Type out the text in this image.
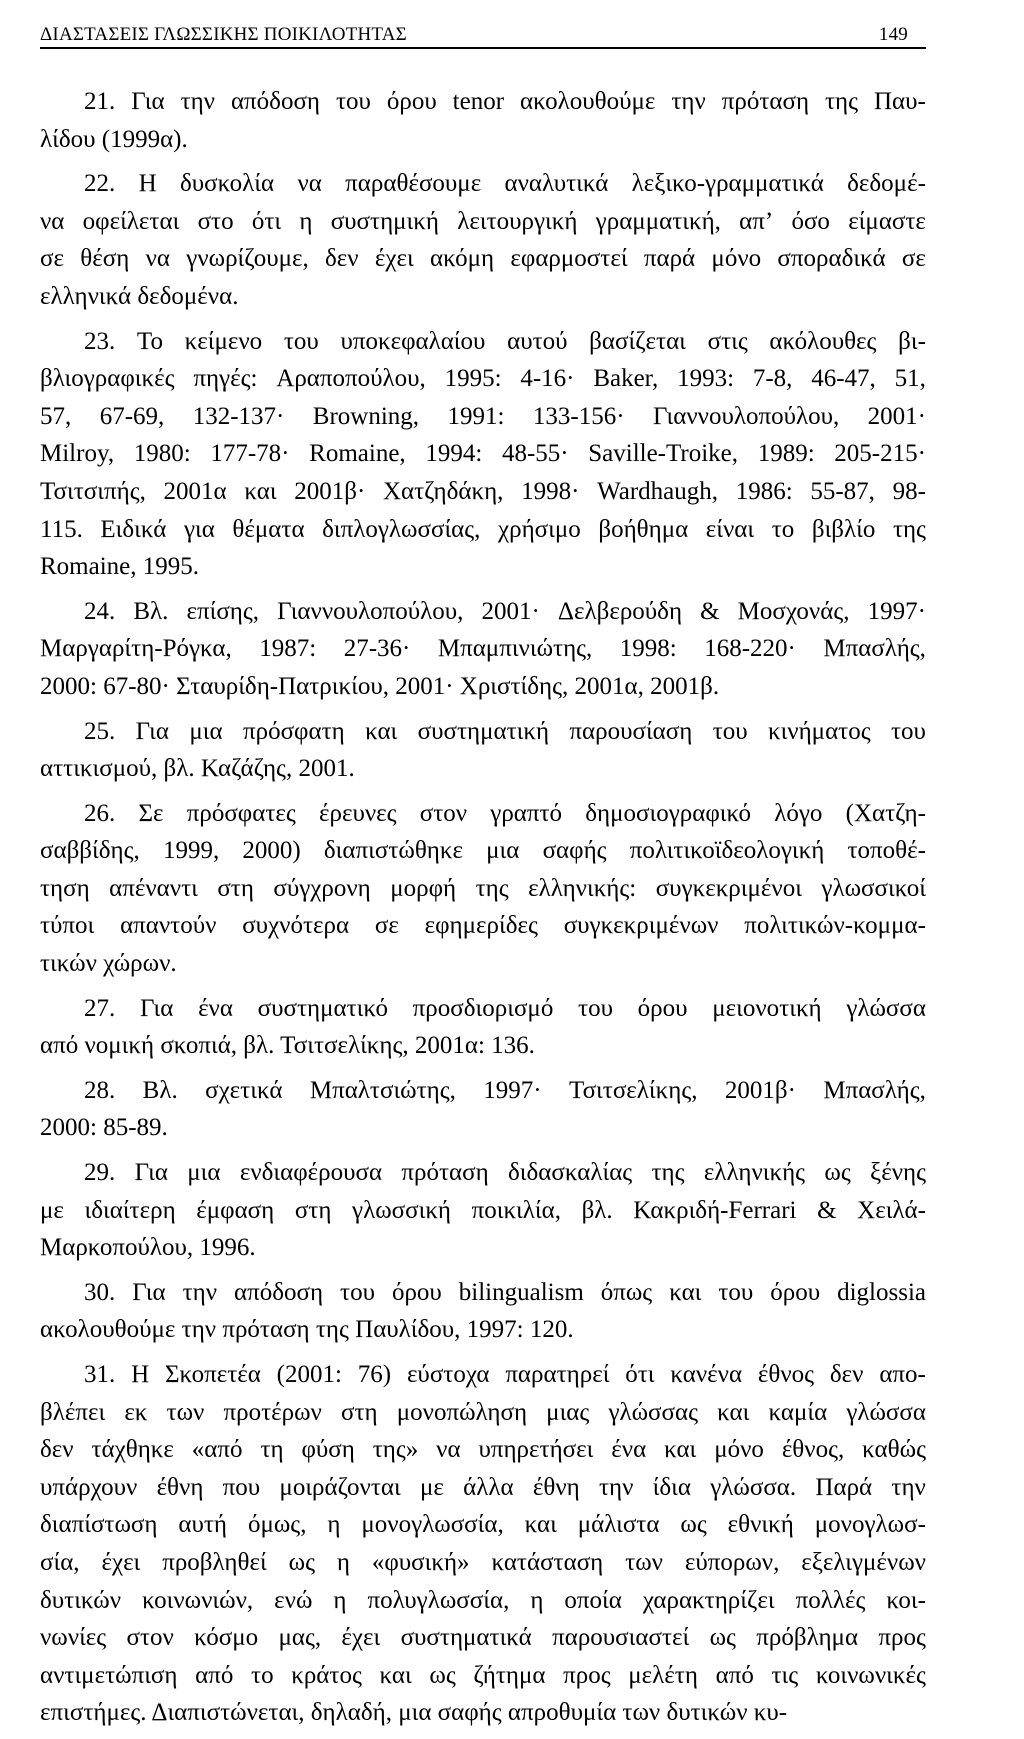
ΔΙΑΣΤΑΣΕΙΣ ΓΛΩΣΣΙΚΗΣ ΠΟΙΚΙΛΟΤΗΤΑΣ	149
21. Για την απόδοση του όρου tenor ακολουθούμε την πρόταση της Παυ-
λίδου (1999α).
22. Η δυσκολία να παραθέσουμε αναλυτικά λεξικο-γραμματικά δεδομέ-
να οφείλεται στο ότι η συστημική λειτουργική γραμματική, απ’ όσο είμαστε
σε θέση να γνωρίζουμε, δεν έχει ακόμη εφαρμοστεί παρά μόνο σποραδικά σε
ελληνικά δεδομένα.
23. Το κείμενο του υποκεφαλαίου αυτού βασίζεται στις ακόλουθες βι-
βλιογραφικές πηγές: Αραποπούλου, 1995: 4-16· Baker, 1993: 7-8, 46-47, 51,
57, 67-69, 132-137· Browning, 1991: 133-156· Γιαννουλοπούλου, 2001·
Milroy, 1980: 177-78· Romaine, 1994: 48-55· Saville-Troike, 1989: 205-215·
Τσιτσιπής, 2001α και 2001β· Χατζηδάκη, 1998· Wardhaugh, 1986: 55-87, 98-
115. Ειδικά για θέματα διπλογλωσσίας, χρήσιμο βοήθημα είναι το βιβλίο της
Romaine, 1995.
24. Βλ. επίσης, Γιαννουλοπούλου, 2001· Δελβερούδη & Μοσχονάς, 1997·
Μαργαρίτη-Ρόγκα, 1987: 27-36· Μπαμπινιώτης, 1998: 168-220· Μπασλής,
2000: 67-80· Σταυρίδη-Πατρικίου, 2001· Χριστίδης, 2001α, 2001β.
25. Για μια πρόσφατη και συστηματική παρουσίαση του κινήματος του
αττικισμού, βλ. Καζάζης, 2001.
26. Σε πρόσφατες έρευνες στον γραπτό δημοσιογραφικό λόγο (Χατζη-
σαββίδης, 1999, 2000) διαπιστώθηκε μια σαφής πολιτικοϊδεολογική τοποθέ-
τηση απέναντι στη σύγχρονη μορφή της ελληνικής: συγκεκριμένοι γλωσσικοί
τύποι απαντούν συχνότερα σε εφημερίδες συγκεκριμένων πολιτικών-κομμα-
τικών χώρων.
27. Για ένα συστηματικό προσδιορισμό του όρου μειονοτική γλώσσα
από νομική σκοπιά, βλ. Τσιτσελίκης, 2001α: 136.
28. Βλ. σχετικά Μπαλτσιώτης, 1997· Τσιτσελίκης, 2001β· Μπασλής,
2000: 85-89.
29. Για μια ενδιαφέρουσα πρόταση διδασκαλίας της ελληνικής ως ξένης
με ιδιαίτερη έμφαση στη γλωσσική ποικιλία, βλ. Κακριδή-Ferrari & Χειλά-
Μαρκοπούλου, 1996.
30. Για την απόδοση του όρου bilingualism όπως και του όρου diglossia
ακολουθούμε την πρόταση της Παυλίδου, 1997: 120.
31. Η Σκοπετέα (2001: 76) εύστοχα παρατηρεί ότι κανένα έθνος δεν απο-
βλέπει εκ των προτέρων στη μονοπώληση μιας γλώσσας και καμία γλώσσα
δεν τάχθηκε «από τη φύση της» να υπηρετήσει ένα και μόνο έθνος, καθώς
υπάρχουν έθνη που μοιράζονται με άλλα έθνη την ίδια γλώσσα. Παρά την
διαπίστωση αυτή όμως, η μονογλωσσία, και μάλιστα ως εθνική μονογλωσ-
σία, έχει προβληθεί ως η «φυσική» κατάσταση των εύπορων, εξελιγμένων
δυτικών κοινωνιών, ενώ η πολυγλωσσία, η οποία χαρακτηρίζει πολλές κοι-
νωνίες στον κόσμο μας, έχει συστηματικά παρουσιαστεί ως πρόβλημα προς
αντιμετώπιση από το κράτος και ως ζήτημα προς μελέτη από τις κοινωνικές
επιστήμες. Διαπιστώνεται, δηλαδή, μια σαφής απροθυμία των δυτικών κυ-
